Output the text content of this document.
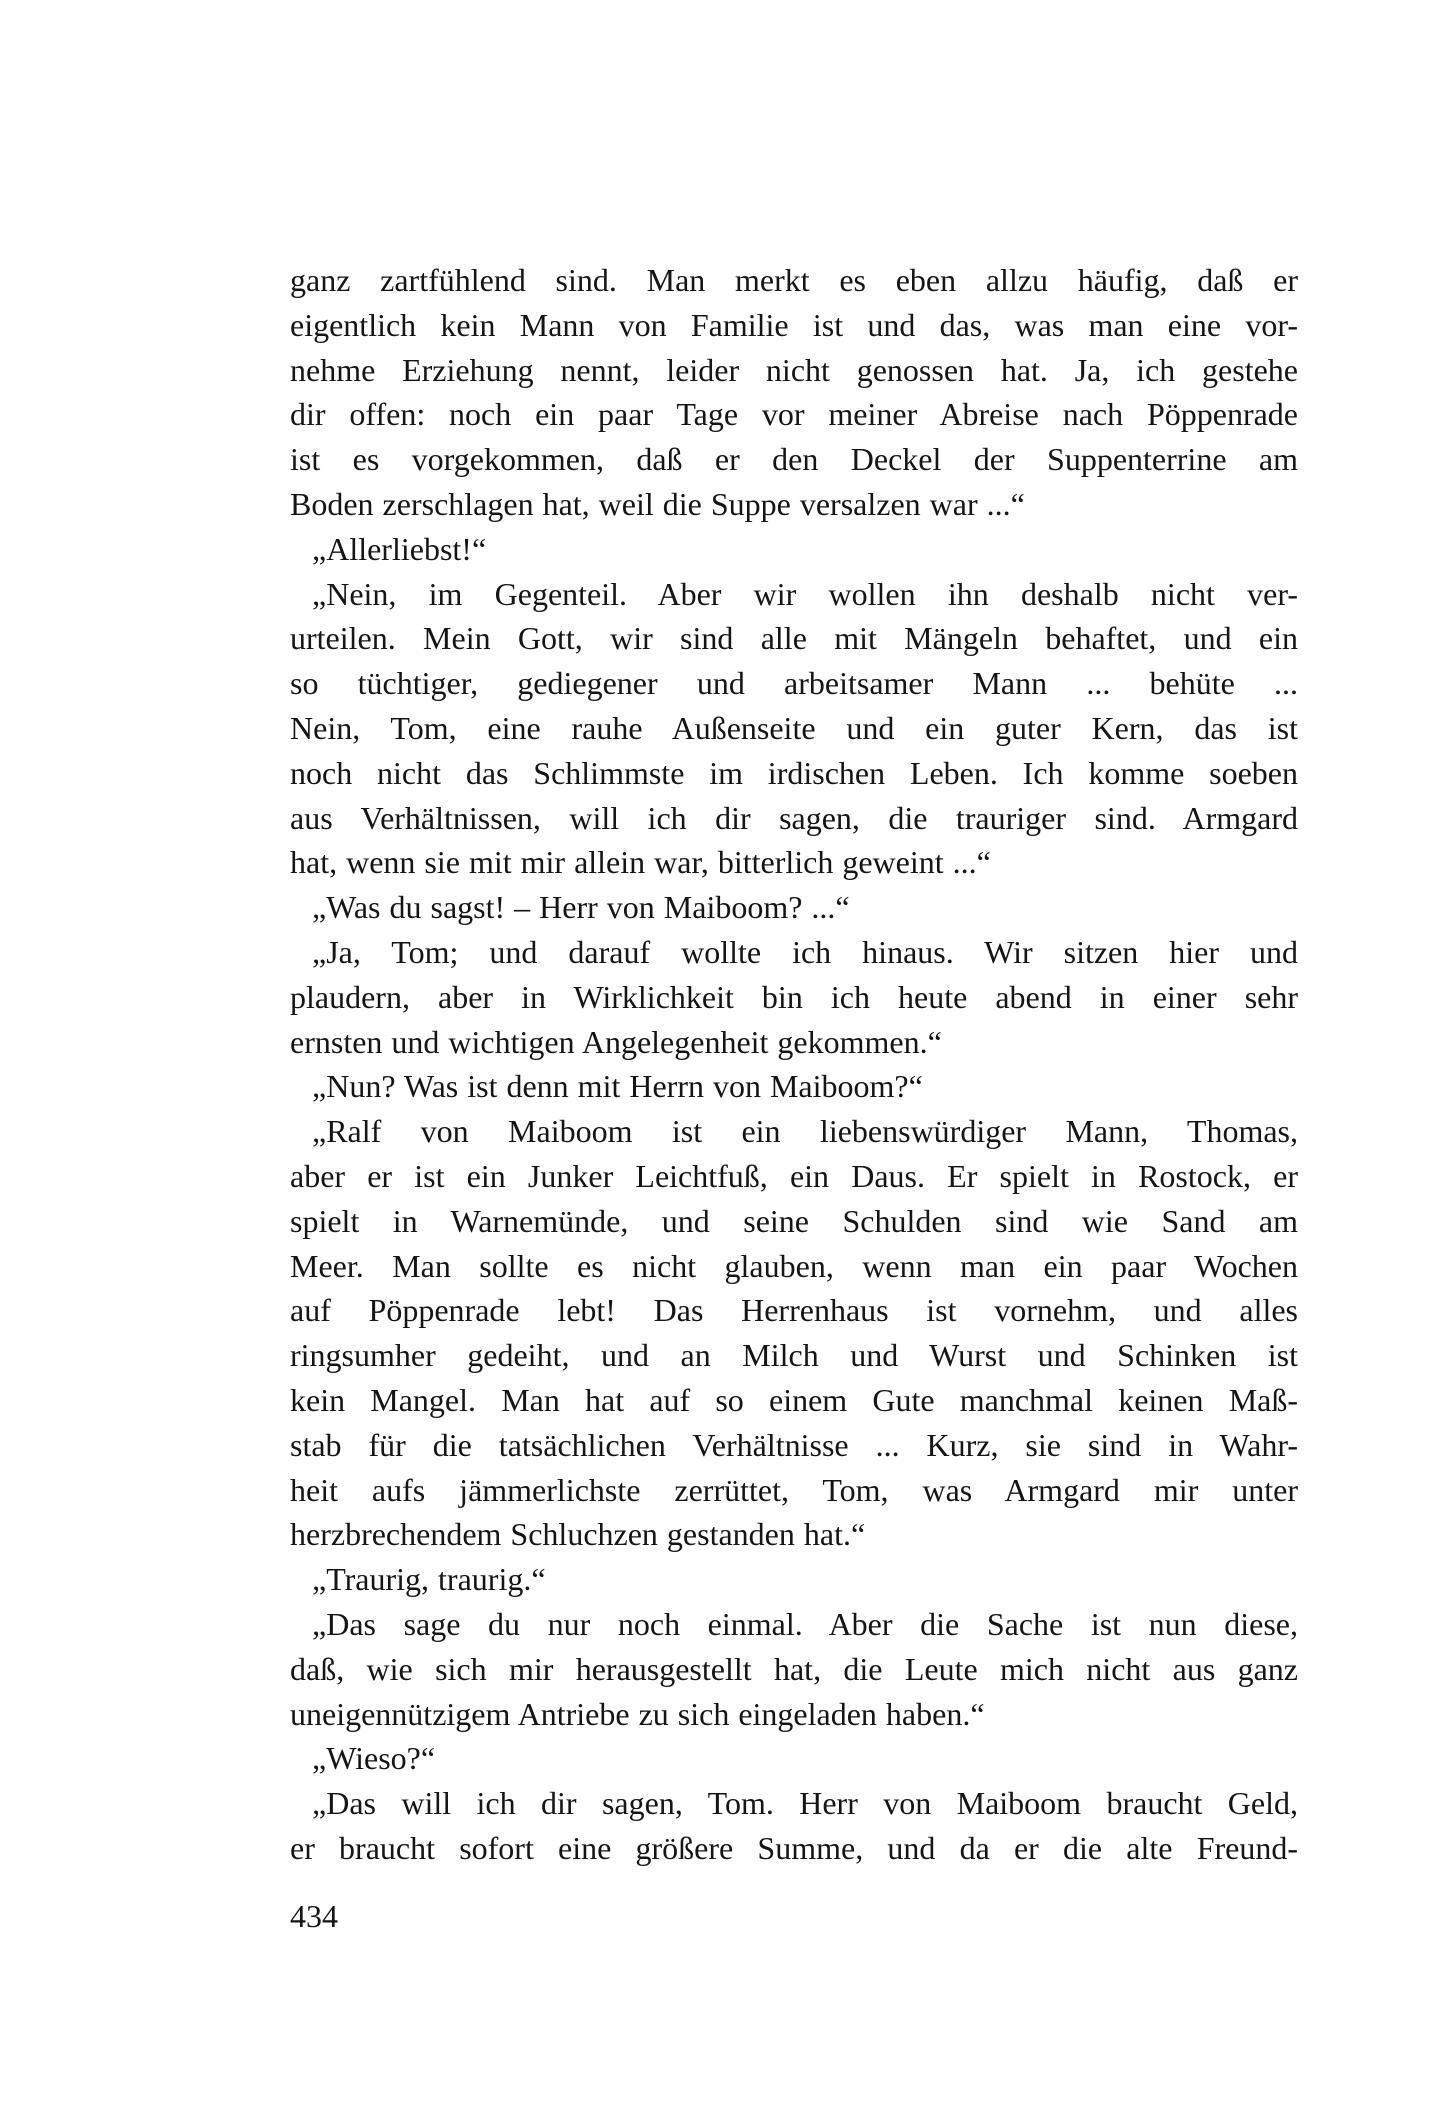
ganz zartfühlend sind. Man merkt es eben allzu häufig, daß er
eigentlich kein Mann von Familie ist und das, was man eine vor-
nehme Erziehung nennt, leider nicht genossen hat. Ja, ich gestehe
dir offen: noch ein paar Tage vor meiner Abreise nach Pöppenrade
ist es vorgekommen, daß er den Deckel der Suppenterrine am
Boden zerschlagen hat, weil die Suppe versalzen war ...“
„Allerliebst!“
„Nein, im Gegenteil. Aber wir wollen ihn deshalb nicht ver-
urteilen. Mein Gott, wir sind alle mit Mängeln behaftet, und ein
so tüchtiger, gediegener und arbeitsamer Mann ... behüte ...
Nein, Tom, eine rauhe Außenseite und ein guter Kern, das ist
noch nicht das Schlimmste im irdischen Leben. Ich komme soeben
aus Verhältnissen, will ich dir sagen, die trauriger sind. Armgard
hat, wenn sie mit mir allein war, bitterlich geweint ...“
„Was du sagst! – Herr von Maiboom? ...“
„Ja, Tom; und darauf wollte ich hinaus. Wir sitzen hier und
plaudern, aber in Wirklichkeit bin ich heute abend in einer sehr
ernsten und wichtigen Angelegenheit gekommen.“
„Nun? Was ist denn mit Herrn von Maiboom?“
„Ralf von Maiboom ist ein liebenswürdiger Mann, Thomas,
aber er ist ein Junker Leichtfuß, ein Daus. Er spielt in Rostock, er
spielt in Warnemünde, und seine Schulden sind wie Sand am
Meer. Man sollte es nicht glauben, wenn man ein paar Wochen
auf Pöppenrade lebt! Das Herrenhaus ist vornehm, und alles
ringsumher gedeiht, und an Milch und Wurst und Schinken ist
kein Mangel. Man hat auf so einem Gute manchmal keinen Maß-
stab für die tatsächlichen Verhältnisse ... Kurz, sie sind in Wahr-
heit aufs jämmerlichste zerrüttet, Tom, was Armgard mir unter
herzbrechendem Schluchzen gestanden hat.“
„Traurig, traurig.“
„Das sage du nur noch einmal. Aber die Sache ist nun diese,
daß, wie sich mir herausgestellt hat, die Leute mich nicht aus ganz
uneigennützigem Antriebe zu sich eingeladen haben.“
„Wieso?“
„Das will ich dir sagen, Tom. Herr von Maiboom braucht Geld,
er braucht sofort eine größere Summe, und da er die alte Freund-
434
